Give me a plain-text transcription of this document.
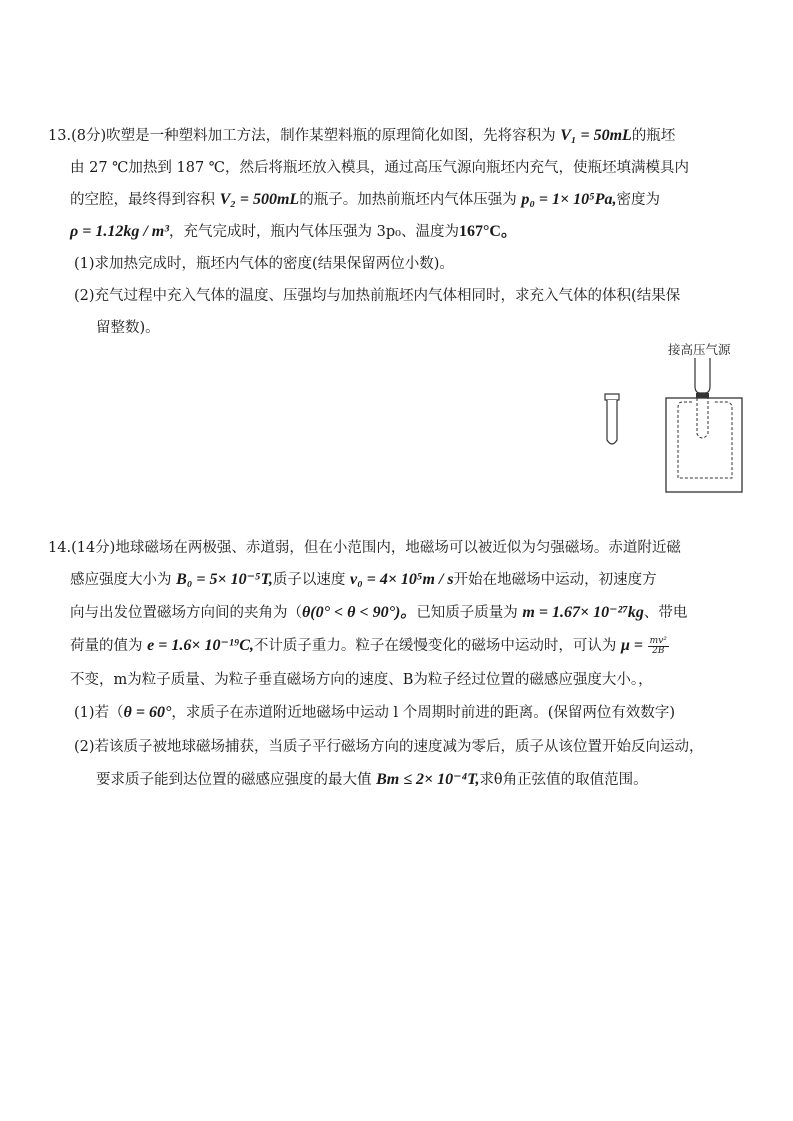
13.(8分)吹塑是一种塑料加工方法，制作某塑料瓶的原理简化如图，先将容积为 V₁ = 50mL的瓶坯
由 27 ℃加热到 187 ℃，然后将瓶坯放入模具，通过高压气源向瓶坯内充气，使瓶坯填满模具内
的空腔，最终得到容积 V₂ = 500mL的瓶子。加热前瓶坯内气体压强为 p₀ = 1× 10⁵Pa,密度为
ρ = 1.12kg / m³，充气完成时，瓶内气体压强为 3p₀、温度为167°C。
(1)求加热完成时，瓶坯内气体的密度(结果保留两位小数)。
(2)充气过程中充入气体的温度、压强均与加热前瓶坯内气体相同时，求充入气体的体积(结果保
留整数)。
接高压气源
14.(14分)地球磁场在两极强、赤道弱，但在小范围内，地磁场可以被近似为匀强磁场。赤道附近磁
感应强度大小为 B₀ = 5× 10⁻⁵T,质子以速度 v₀ = 4× 10⁵m / s开始在地磁场中运动，初速度方
向与出发位置磁场方向间的夹角为（θ(0° < θ < 90°)。已知质子质量为 m = 1.67× 10⁻²⁷kg、带电
荷量的值为 e = 1.6× 10⁻¹⁹C,不计质子重力。粒子在缓慢变化的磁场中运动时，可认为 $\mu = \frac{\text{mv²}}{2B}$
不变，m为粒子质量、为粒子垂直磁场方向的速度、B为粒子经过位置的磁感应强度大小。，
(1)若（θ = 60°，求质子在赤道附近地磁场中运动 l 个周期时前进的距离。(保留两位有效数字)
(2)若该质子被地球磁场捕获，当质子平行磁场方向的速度减为零后，质子从该位置开始反向运动，
要求质子能到达位置的磁感应强度的最大值 Bm ≤ 2× 10⁻⁴T,求θ角正弦值的取值范围。
